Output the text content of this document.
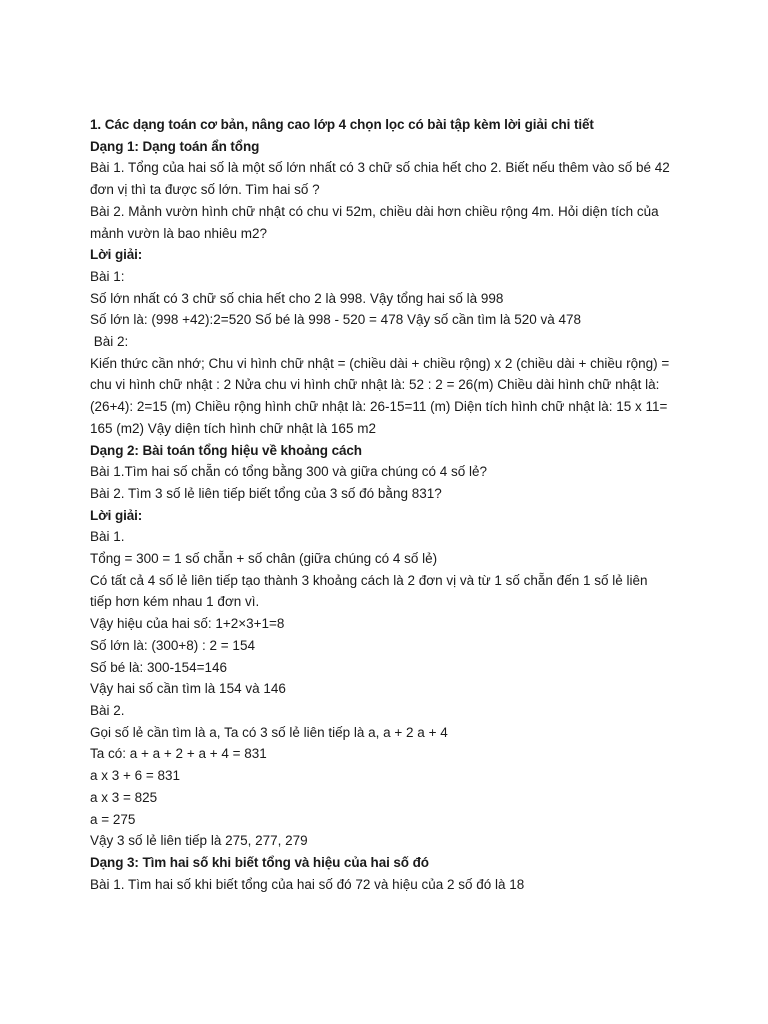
1. Các dạng toán cơ bản, nâng cao lớp 4 chọn lọc có bài tập kèm lời giải chi tiết
Dạng 1: Dạng toán ẩn tổng
Bài 1. Tổng của hai số là một số lớn nhất có 3 chữ số chia hết cho 2. Biết nếu thêm vào số bé 42
đơn vị thì ta được số lớn. Tìm hai số ?
Bài 2. Mảnh vườn hình chữ nhật có chu vi 52m, chiều dài hơn chiều rộng 4m. Hỏi diện tích của
mảnh vườn là bao nhiêu m2?
Lời giải:
Bài 1:
Số lớn nhất có 3 chữ số chia hết cho 2 là 998. Vậy tổng hai số là 998
Số lớn là: (998 +42):2=520 Số bé là 998 - 520 = 478 Vậy số cần tìm là 520 và 478
Bài 2:
Kiến thức cần nhớ; Chu vi hình chữ nhật = (chiều dài + chiều rộng) x 2 (chiều dài + chiều rộng) =
chu vi hình chữ nhật : 2 Nửa chu vi hình chữ nhật là: 52 : 2 = 26(m) Chiều dài hình chữ nhật là:
(26+4): 2=15 (m) Chiều rộng hình chữ nhật là: 26-15=11 (m) Diện tích hình chữ nhật là: 15 x 11=
165 (m2) Vậy diện tích hình chữ nhật là 165 m2
Dạng 2: Bài toán tổng hiệu về khoảng cách
Bài 1.Tìm hai số chẵn có tổng bằng 300 và giữa chúng có 4 số lẻ?
Bài 2. Tìm 3 số lẻ liên tiếp biết tổng của 3 số đó bằng 831?
Lời giải:
Bài 1.
Tổng = 300 = 1 số chẵn + số chân (giữa chúng có 4 số lẻ)
Có tất cả 4 số lẻ liên tiếp tạo thành 3 khoảng cách là 2 đơn vị và từ 1 số chẵn đến 1 số lẻ liên
tiếp hơn kém nhau 1 đơn vì.
Vậy hiệu của hai số: 1+2×3+1=8
Số lớn là: (300+8) : 2 = 154
Số bé là: 300-154=146
Vậy hai số cần tìm là 154 và 146
Bài 2.
Gọi số lẻ cần tìm là a, Ta có 3 số lẻ liên tiếp là a, a + 2 a + 4
Ta có: a + a + 2 + a + 4 = 831
a x 3 + 6 = 831
a x 3 = 825
a = 275
Vậy 3 số lẻ liên tiếp là 275, 277, 279
Dạng 3: Tìm hai số khi biết tổng và hiệu của hai số đó
Bài 1. Tìm hai số khi biết tổng của hai số đó 72 và hiệu của 2 số đó là 18
